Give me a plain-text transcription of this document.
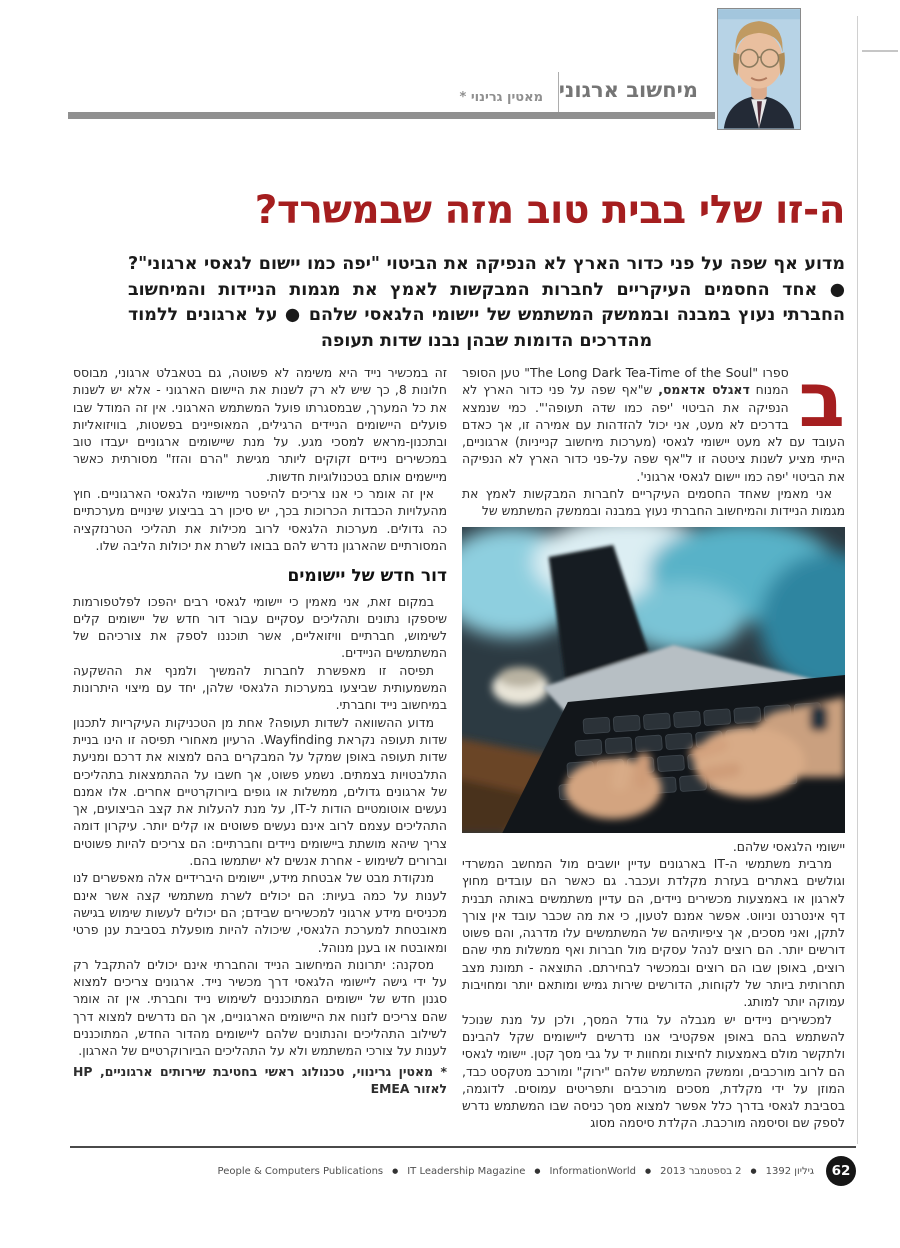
מיחשוב ארגוני
מאטין גרינוי *
ה-זו שלי בבית טוב מזה שבמשרד?
מדוע אף שפה על פני כדור הארץ לא הנפיקה את הביטוי "יפה כמו יישום לגאסי ארגוני"? ● אחד החסמים העיקריים לחברות המבקשות לאמץ את מגמות הניידות והמיחשוב החברתי נעוץ במבנה ובממשק המשתמש של יישומי הלגאסי שלהם ● על ארגונים ללמוד מהדרכים הדומות שבהן נבנו שדות תעופה

ב
ספרו "The Long Dark Tea-Time of the Soul" טען הסופר המנוח דאגלס אדאמס, ש"אף שפה על פני כדור הארץ לא הנפיקה את הביטוי 'יפה כמו שדה תעופה'". כמי שנמצא בדרכים לא מעט, אני יכול להזדהות עם אמירה זו, אך כאדם העובד עם לא מעט יישומי לגאסי (מערכות מיחשוב קנייניות) ארגוניים, הייתי מציע לשנות ציטטה זו ל"אף שפה על-פני כדור הארץ לא הנפיקה את הביטוי 'יפה כמו יישום לגאסי ארגוני'.

אני מאמין שאחד החסמים העיקריים לחברות המבקשות לאמץ את מגמות הניידות והמיחשוב החברתי נעוץ במבנה ובממשק המשתמש של

יישומי הלגאסי שלהם.

מרבית משתמשי ה-IT בארגונים עדיין יושבים מול המחשב המשרדי וגולשים באתרים בעזרת מקלדת ועכבר. גם כאשר הם עובדים מחוץ לארגון או באמצעות מכשירים ניידים, הם עדיין משתמשים באותה תבנית דף אינטרנט וניווט. אפשר אמנם לטעון, כי את מה שכבר עובד אין צורך לתקן, ואני מסכים, אך ציפיותיהם של המשתמשים עלו מדרגה, והם פשוט דורשים יותר. הם רוצים לנהל עסקים מול חברות ואף ממשלות מתי שהם רוצים, באופן שבו הם רוצים ובמכשיר לבחירתם. התוצאה - תמונת מצב תחרותית ביותר של לקוחות, הדורשים שירות גמיש ומותאם יותר ומחויבות עמוקה יותר למותג.

למכשירים ניידים יש מגבלה על גודל המסך, ולכן על מנת שנוכל להשתמש בהם באופן אפקטיבי אנו נדרשים ליישומים שקל להבינם ולתקשר מולם באמצעות לחיצות ומחוות יד על גבי מסך קטן. יישומי לגאסי הם לרוב מורכבים, וממשק המשתמש שלהם "ירוק" ומורכב מטקסט כבד, המוזן על ידי מקלדת, מסכים מורכבים ותפריטים עמוסים. לדוגמה, בסביבת לגאסי בדרך כלל אפשר למצוא מסך כניסה שבו המשתמש נדרש לספק שם וסיסמה מורכבת. הקלדת סיסמה מסוג

זה במכשיר נייד היא משימה לא פשוטה, גם בטאבלט ארגוני, מבוסס חלונות 8, כך שיש לא רק לשנות את היישום הארגוני - אלא יש לשנות את כל המערך, שבמסגרתו פועל המשתמש הארגוני. אין זה המודל שבו פועלים היישומים הניידים הרגילים, המאופיינים בפשטות, בוויזואליות ובתכנון-מראש למסכי מגע. על מנת שיישומים ארגוניים יעבדו טוב במכשירים ניידים זקוקים ליותר מגישת "הרם והזז" מסורתית כאשר מיישמים אותם בטכנולוגיות חדשות.

אין זה אומר כי אנו צריכים להיפטר מיישומי הלגאסי הארגוניים. חוץ מהעלויות הכבדות הכרוכות בכך, יש סיכון רב בביצוע שינויים מערכתיים כה גדולים. מערכות הלגאסי לרוב מכילות את תהליכי הטרנזקציה המסורתיים שהארגון נדרש להם בבואו לשרת את יכולות הליבה שלו.

דור חדש של יישומים

במקום זאת, אני מאמין כי יישומי לגאסי רבים יהפכו לפלטפורמות שיספקו נתונים ותהליכים עסקיים עבור דור חדש של יישומים קלים לשימוש, חברתיים וויזואליים, אשר תוכננו לספק את צורכיהם של המשתמשים הניידים.

תפיסה זו מאפשרת לחברות להמשיך ולמנף את ההשקעה המשמעותית שביצעו במערכות הלגאסי שלהן, יחד עם מיצוי היתרונות במיחשוב נייד וחברתי.

מדוע ההשוואה לשדות תעופה? אחת מן הטכניקות העיקריות לתכנון שדות תעופה נקראת Wayfinding. הרעיון מאחורי תפיסה זו הינו בניית שדות תעופה באופן שמקל על המבקרים בהם למצוא את דרכם ומניעת התלבטויות בצמתים. נשמע פשוט, אך חשבו על ההתמצאות בתהליכים של ארגונים גדולים, ממשלות או גופים ביורוקרטיים אחרים. אלו אמנם נעשים אוטומטיים הודות ל-IT, על מנת להעלות את קצב הביצועים, אך התהליכים עצמם לרוב אינם נעשים פשוטים או קלים יותר. עיקרון דומה צריך שיהא מושתת ביישומים ניידים וחברתיים: הם צריכים להיות פשוטים וברורים לשימוש - אחרת אנשים לא ישתמשו בהם.

מנקודת מבט של אבטחת מידע, יישומים היברידיים אלה מאפשרים לנו לענות על כמה בעיות: הם יכולים לשרת משתמשי קצה אשר אינם מכניסים מידע ארגוני למכשירים שבידם; הם יכולים לעשות שימוש בגישה מאובטחת למערכת הלגאסי, שיכולה להיות מופעלת בסביבת ענן פרטי ומאובטח או בענן מנוהל.

מסקנה: יתרונות המיחשוב הנייד והחברתי אינם יכולים להתקבל רק על ידי גישה ליישומי הלגאסי דרך מכשיר נייד. ארגונים צריכים למצוא סגנון חדש של יישומים המתוכננים לשימוש נייד וחברתי. אין זה אומר שהם צריכים לזנוח את היישומים הארגוניים, אך הם נדרשים למצוא דרך לשילוב התהליכים והנתונים שלהם ליישומים מהדור החדש, המתוכננים לענות על צורכי המשתמש ולא על התהליכים הביורוקרטיים של הארגון.

* מאטין גרינווי, טכנולוג ראשי בחטיבת שירותים ארגוניים, HP לאזור EMEA

People & Computers Publications ● IT Leadership Magazine ● InformationWorld ● 2 בספטמבר 2013 ● גיליון 1392	62
